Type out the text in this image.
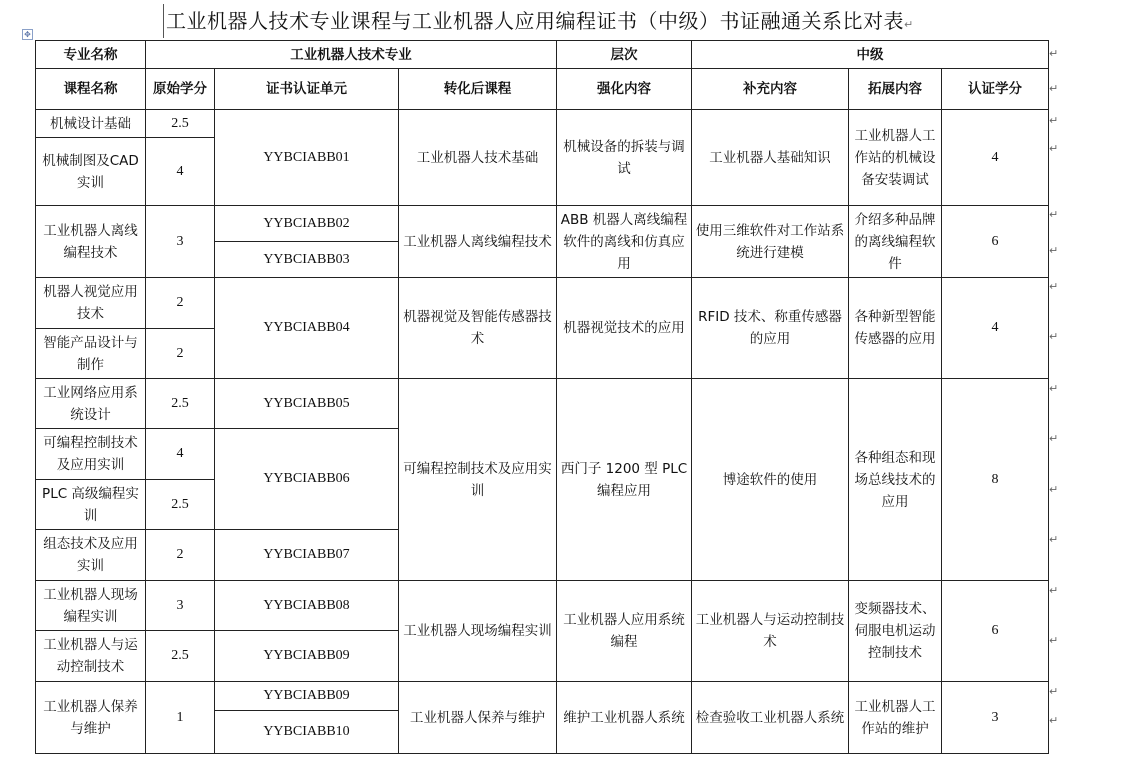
工业机器人技术专业课程与工业机器人应用编程证书（中级）书证融通关系比对表↵
✥
专业名称	工业机器人技术专业			层次	中级		
课程名称	原始学分	证书认证单元	转化后课程	强化内容	补充内容	拓展内容	认证学分
机械设计基础	2.5	YYBCIABB01	工业机器人技术基础	机械设备的拆装与调试	工业机器人基础知识	工业机器人工作站的机械设备安装调试	4
机械制图及CAD 实训	4						
工业机器人离线编程技术	3	YYBCIABB02	工业机器人离线编程技术	ABB 机器人离线编程软件的离线和仿真应用	使用三维软件对工作站系统进行建模	介绍多种品牌的离线编程软件	6
		YYBCIABB03					
机器人视觉应用技术	2	YYBCIABB04	机器视觉及智能传感器技术	机器视觉技术的应用	RFID 技术、称重传感器的应用	各种新型智能传感器的应用	4
智能产品设计与制作	2						
工业网络应用系统设计	2.5	YYBCIABB05	可编程控制技术及应用实训	西门子 1200 型 PLC 编程应用	博途软件的使用	各种组态和现场总线技术的应用	8
可编程控制技术及应用实训	4	YYBCIABB06					
PLC 高级编程实训	2.5						
组态技术及应用实训	2	YYBCIABB07					
工业机器人现场编程实训	3	YYBCIABB08	工业机器人现场编程实训	工业机器人应用系统编程	工业机器人与运动控制技术	变频器技术、伺服电机运动控制技术	6
工业机器人与运动控制技术	2.5	YYBCIABB09					
工业机器人保养与维护	1	YYBCIABB09	工业机器人保养与维护	维护工业机器人系统	检查验收工业机器人系统	工业机器人工作站的维护	3
		YYBCIABB10					
↵
↵
↵
↵
↵
↵
↵
↵
↵
↵
↵
↵
↵
↵
↵
↵
